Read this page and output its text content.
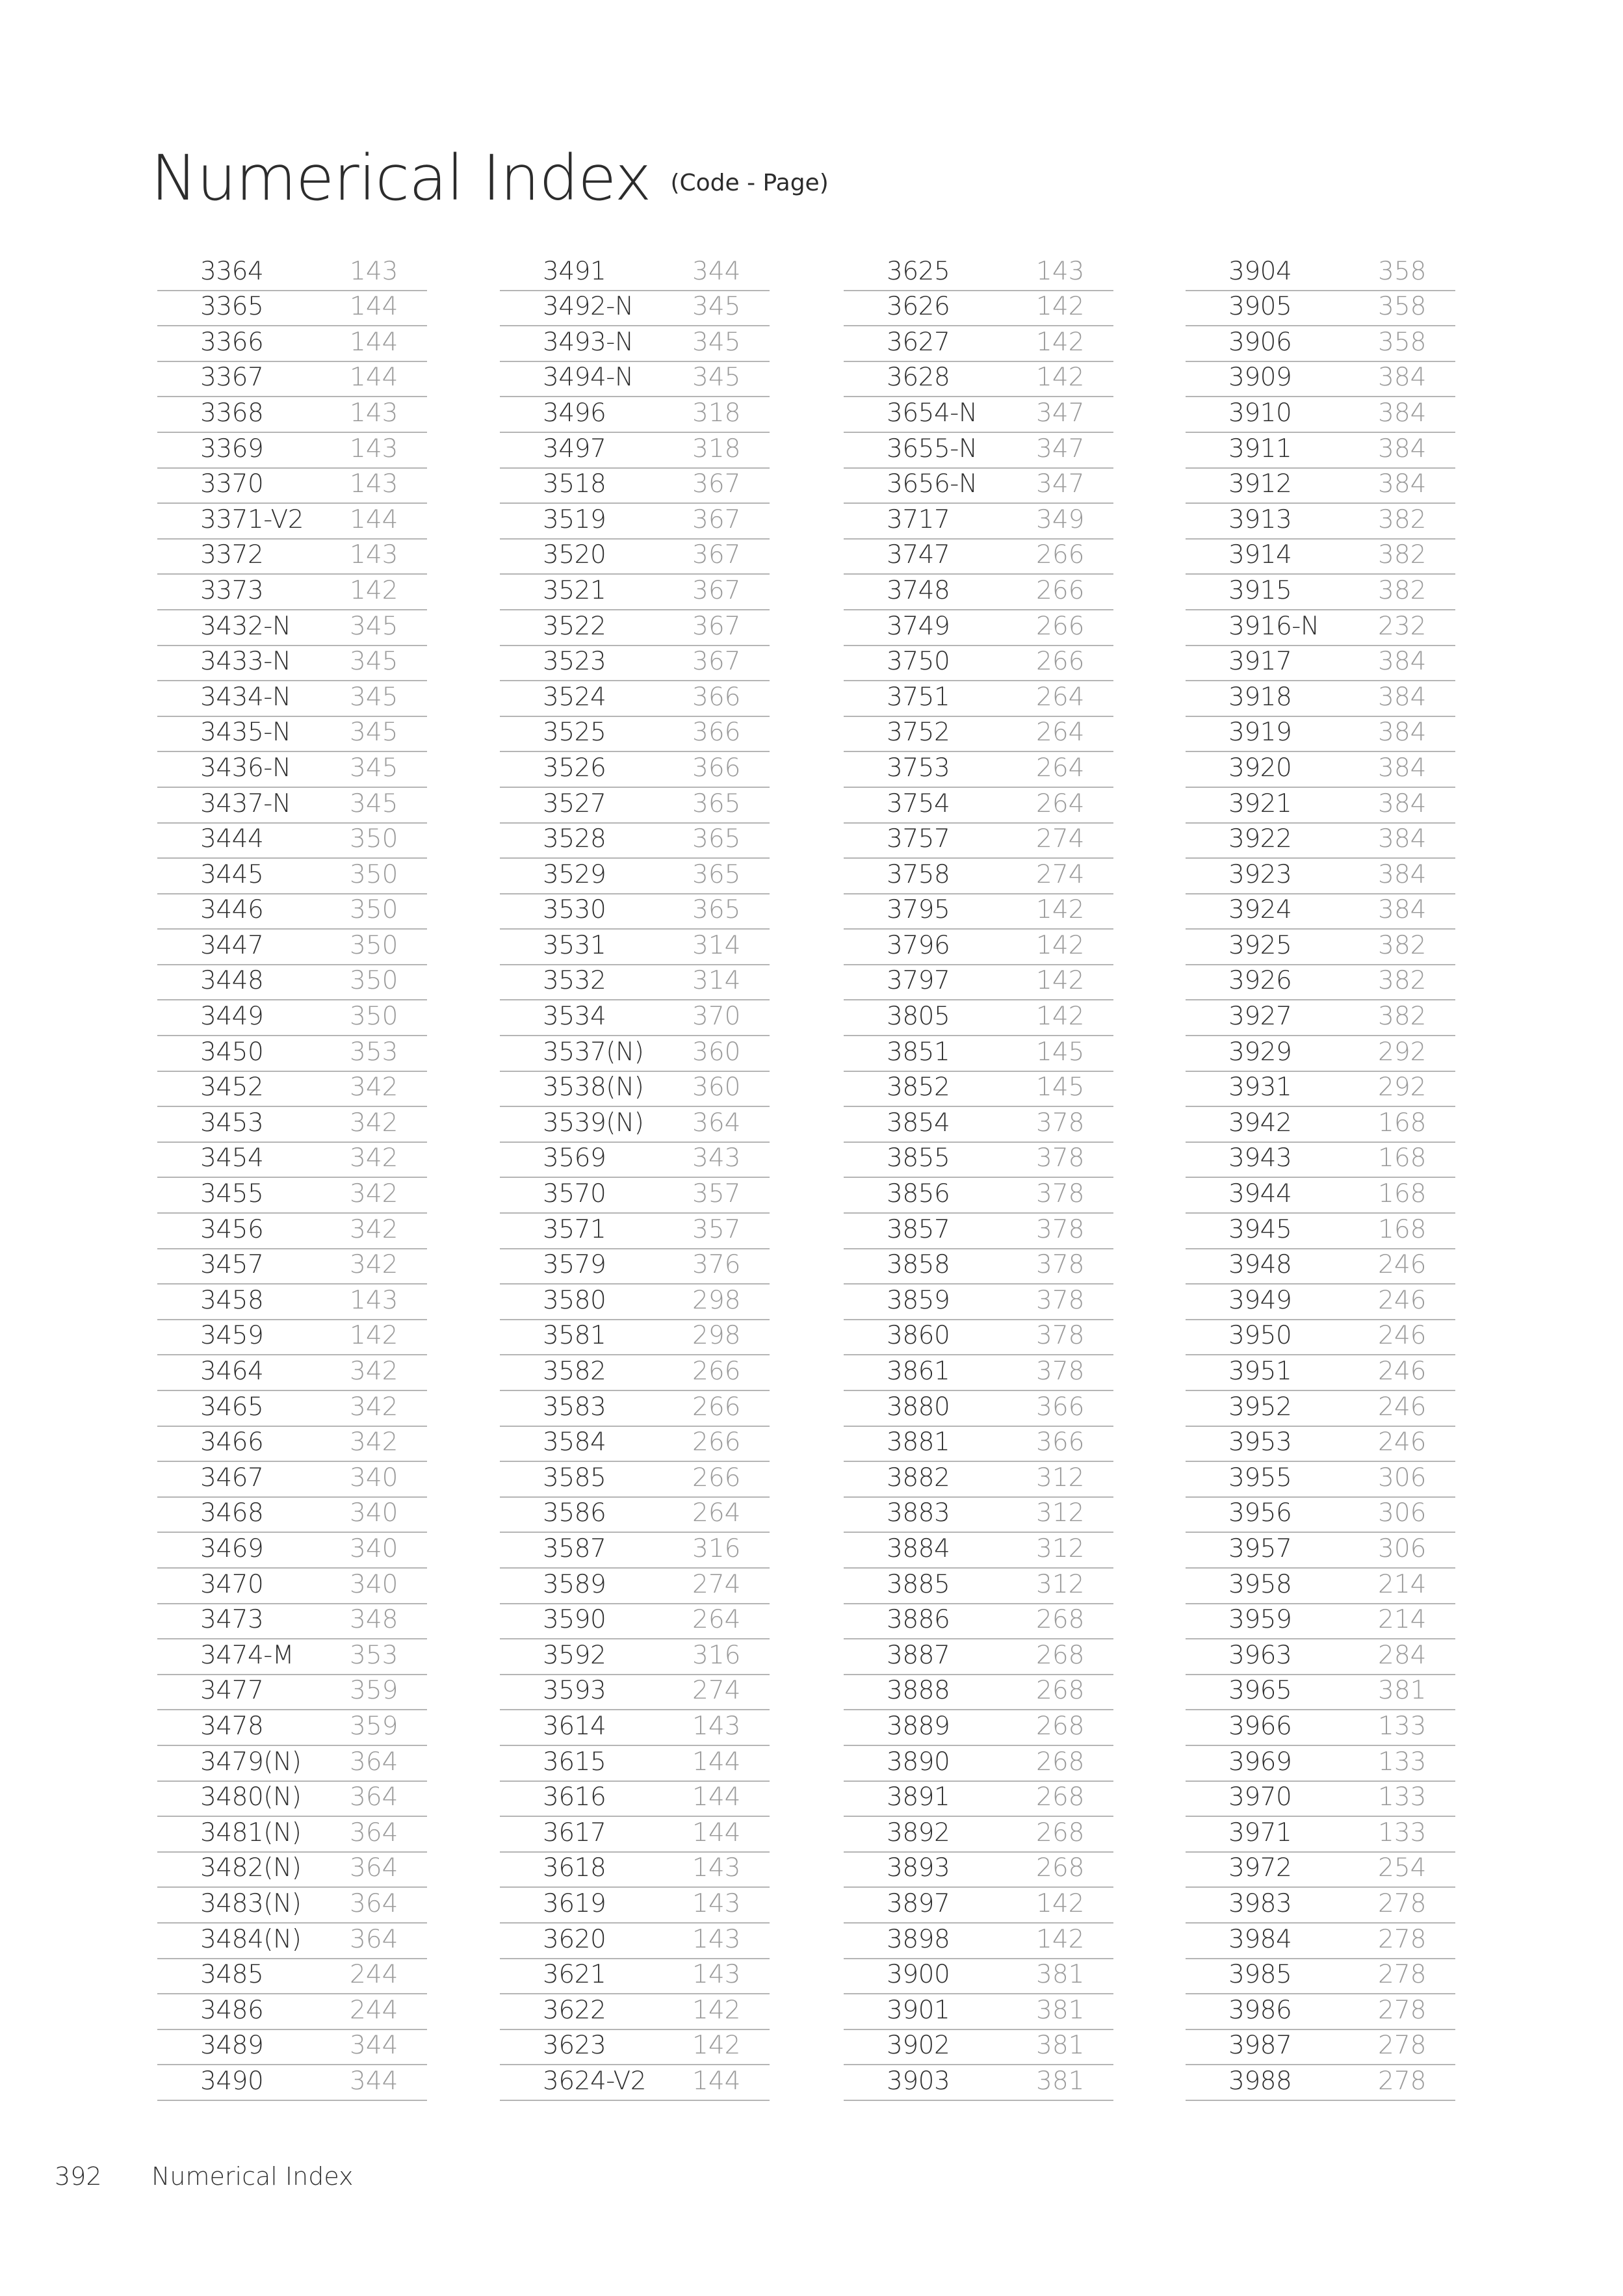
Numerical Index (Code - Page)
3364	143
3365	144
3366	144
3367	144
3368	143
3369	143
3370	143
3371-V2 144
3372	143
3373	142
3432-N 345
3433-N 345
3434-N 345
3435-N 345
3436-N 345
3437-N 345
3444	350
3445	350
3446	350
3447	350
3448	350
3449	350
3450	353
3452	342
3453	342
3454	342
3455	342
3456	342
3457	342
3458	143
3459	142
3464	342
3465	342
3466	342
3467	340
3468	340
3469	340
3470	340
3473	348
3474-M 353
3477	359
3478	359
3479(N) 364
3480(N) 364
3481(N) 364
3482(N) 364
3483(N) 364
3484(N) 364
3485	244
3486	244
3489	344
3490	344
3491	344
3492-N 345
3493-N 345
3494-N 345
3496	318
3497	318
3518	367
3519	367
3520	367
3521	367
3522	367
3523	367
3524	366
3525	366
3526	366
3527	365
3528	365
3529	365
3530	365
3531	314
3532	314
3534	370
3537(N) 360
3538(N) 360
3539(N) 364
3569	343
3570	357
3571	357
3579	376
3580	298
3581	298
3582	266
3583	266
3584	266
3585	266
3586	264
3587	316
3589	274
3590	264
3592	316
3593	274
3614	143
3615	144
3616	144
3617	144
3618	143
3619	143
3620	143
3621	143
3622	142
3623	142
3624-V2 144
3625	143
3626	142
3627	142
3628	142
3654-N 347
3655-N 347
3656-N 347
3717	349
3747	266
3748	266
3749	266
3750	266
3751	264
3752	264
3753	264
3754	264
3757	274
3758	274
3795	142
3796	142
3797	142
3805	142
3851	145
3852	145
3854	378
3855	378
3856	378
3857	378
3858	378
3859	378
3860	378
3861	378
3880	366
3881	366
3882	312
3883	312
3884	312
3885	312
3886	268
3887	268
3888	268
3889	268
3890	268
3891	268
3892	268
3893	268
3897	142
3898	142
3900	381
3901	381
3902	381
3903	381
3904	358
3905	358
3906	358
3909	384
3910	384
3911	384
3912	384
3913	382
3914	382
3915	382
3916-N 232
3917	384
3918	384
3919	384
3920	384
3921	384
3922	384
3923	384
3924	384
3925	382
3926	382
3927	382
3929	292
3931	292
3942	168
3943	168
3944	168
3945	168
3948	246
3949	246
3950	246
3951	246
3952	246
3953	246
3955	306
3956	306
3957	306
3958	214
3959	214
3963	284
3965	381
3966	133
3969	133
3970	133
3971	133
3972	254
3983	278
3984	278
3985	278
3986	278
3987	278
3988	278
392 Numerical Index
